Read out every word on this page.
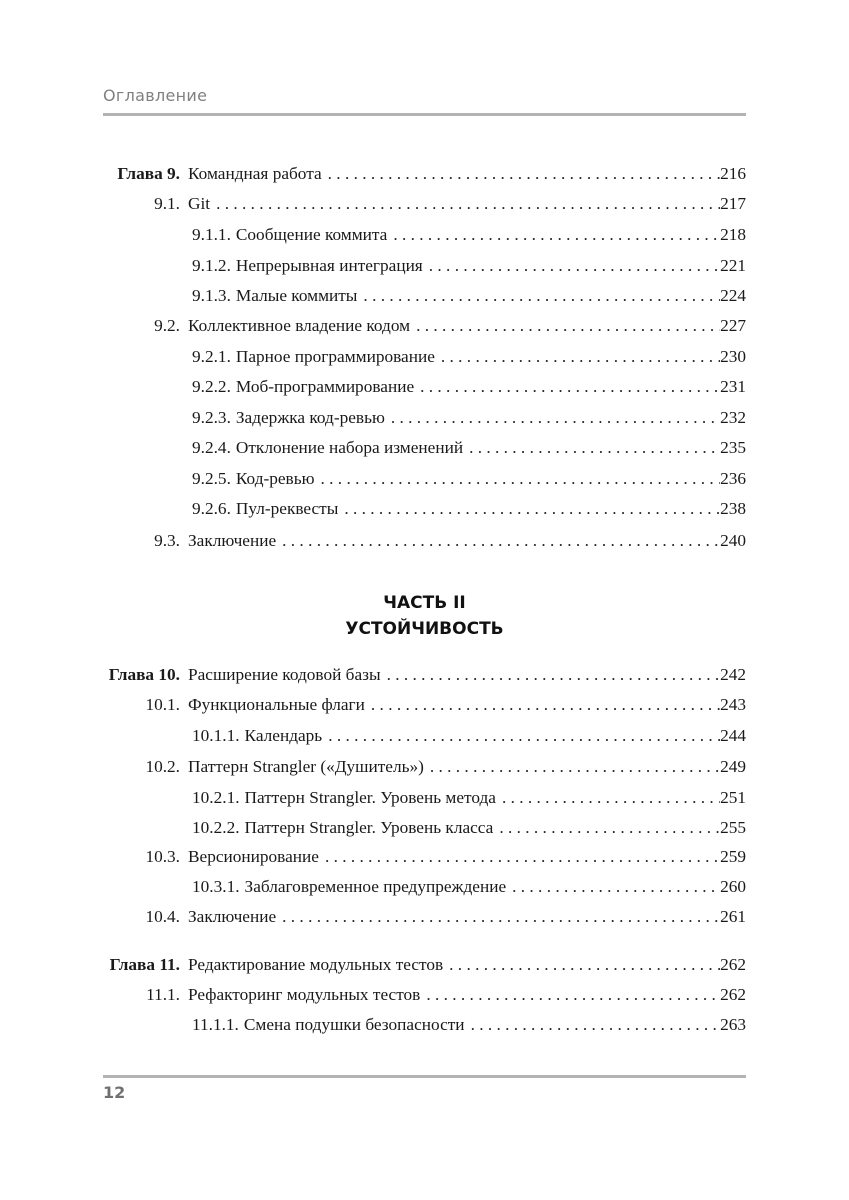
Оглавление
Глава 9. Командная работа . . .	216
9.1. Git . . .	217
9.1.1. Сообщение коммита . . .	218
9.1.2. Непрерывная интеграция . . .	221
9.1.3. Малые коммиты . . .	224
9.2. Коллективное владение кодом . . .	227
9.2.1. Парное программирование . . .	230
9.2.2. Моб-программирование . . .	231
9.2.3. Задержка код-ревью . . .	232
9.2.4. Отклонение набора изменений . . .	235
9.2.5. Код-ревью . . .	236
9.2.6. Пул-реквесты . . .	238
9.3. Заключение . . .	240
ЧАСТЬ II
УСТОЙЧИВОСТЬ
Глава 10. Расширение кодовой базы . . .	242
10.1. Функциональные флаги . . .	243
10.1.1. Календарь . . .	244
10.2. Паттерн Strangler («Душитель») . . .	249
10.2.1. Паттерн Strangler. Уровень метода . . .	251
10.2.2. Паттерн Strangler. Уровень класса . . .	255
10.3. Версионирование . . .	259
10.3.1. Заблаговременное предупреждение . . .	260
10.4. Заключение . . .	261
Глава 11. Редактирование модульных тестов . . .	262
11.1. Рефакторинг модульных тестов . . .	262
11.1.1. Смена подушки безопасности . . .	263
12
